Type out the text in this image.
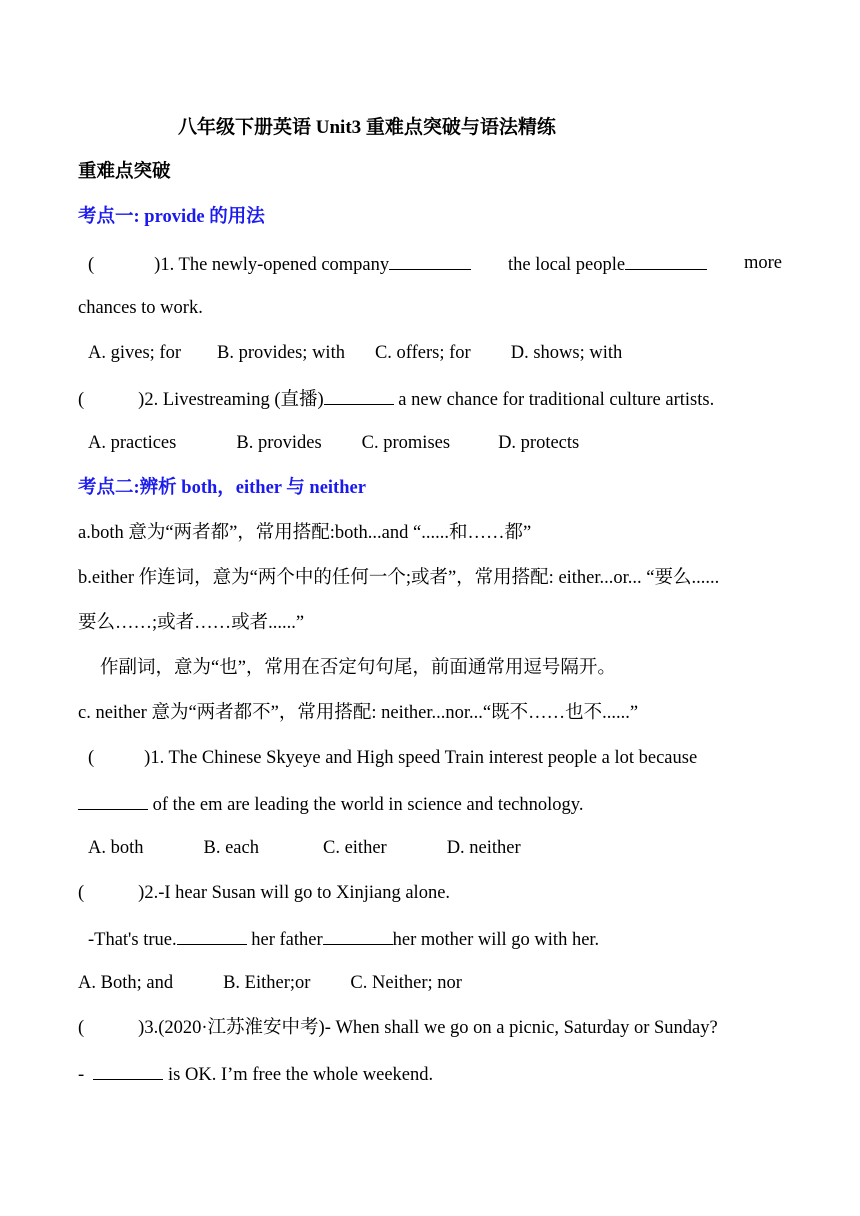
八年级下册英语 Unit3 重难点突破与语法精练
重难点突破
考点一: provide 的用法
(	)1. The newly-opened company	the local people	more
chances to work.
A. gives; for B. provides; with C. offers; for D. shows; with
(	)2. Livestreaming (直播)	a new chance for traditional culture artists.
A. practices	B. provides C. promises	D. protects
考点二:辨析 both，either 与 neither
a.both 意为“两者都”，常用搭配:both...and “......和……都”
b.either 作连词，意为“两个中的任何一个;或者”，常用搭配: either...or... “要么......
要么……;或者……或者......”
作副词，意为“也”，常用在否定句句尾，前面通常用逗号隔开。
c. neither 意为“两者都不”，常用搭配: neither...nor...“既不……也不......”
(	)1. The Chinese Skyeye and High speed Train interest people a lot because
of the em are leading the world in science and technology.
A. both	B. each	C. either	D. neither
(	)2.-I hear Susan will go to Xinjiang alone.
-That's true.	her father	her mother will go with her.
A. Both; and	B. Either;or C. Neither; nor
(	)3.(2020·江苏淮安中考)- When shall we go on a picnic, Saturday or Sunday?
-	is OK. I’m free the whole weekend.
